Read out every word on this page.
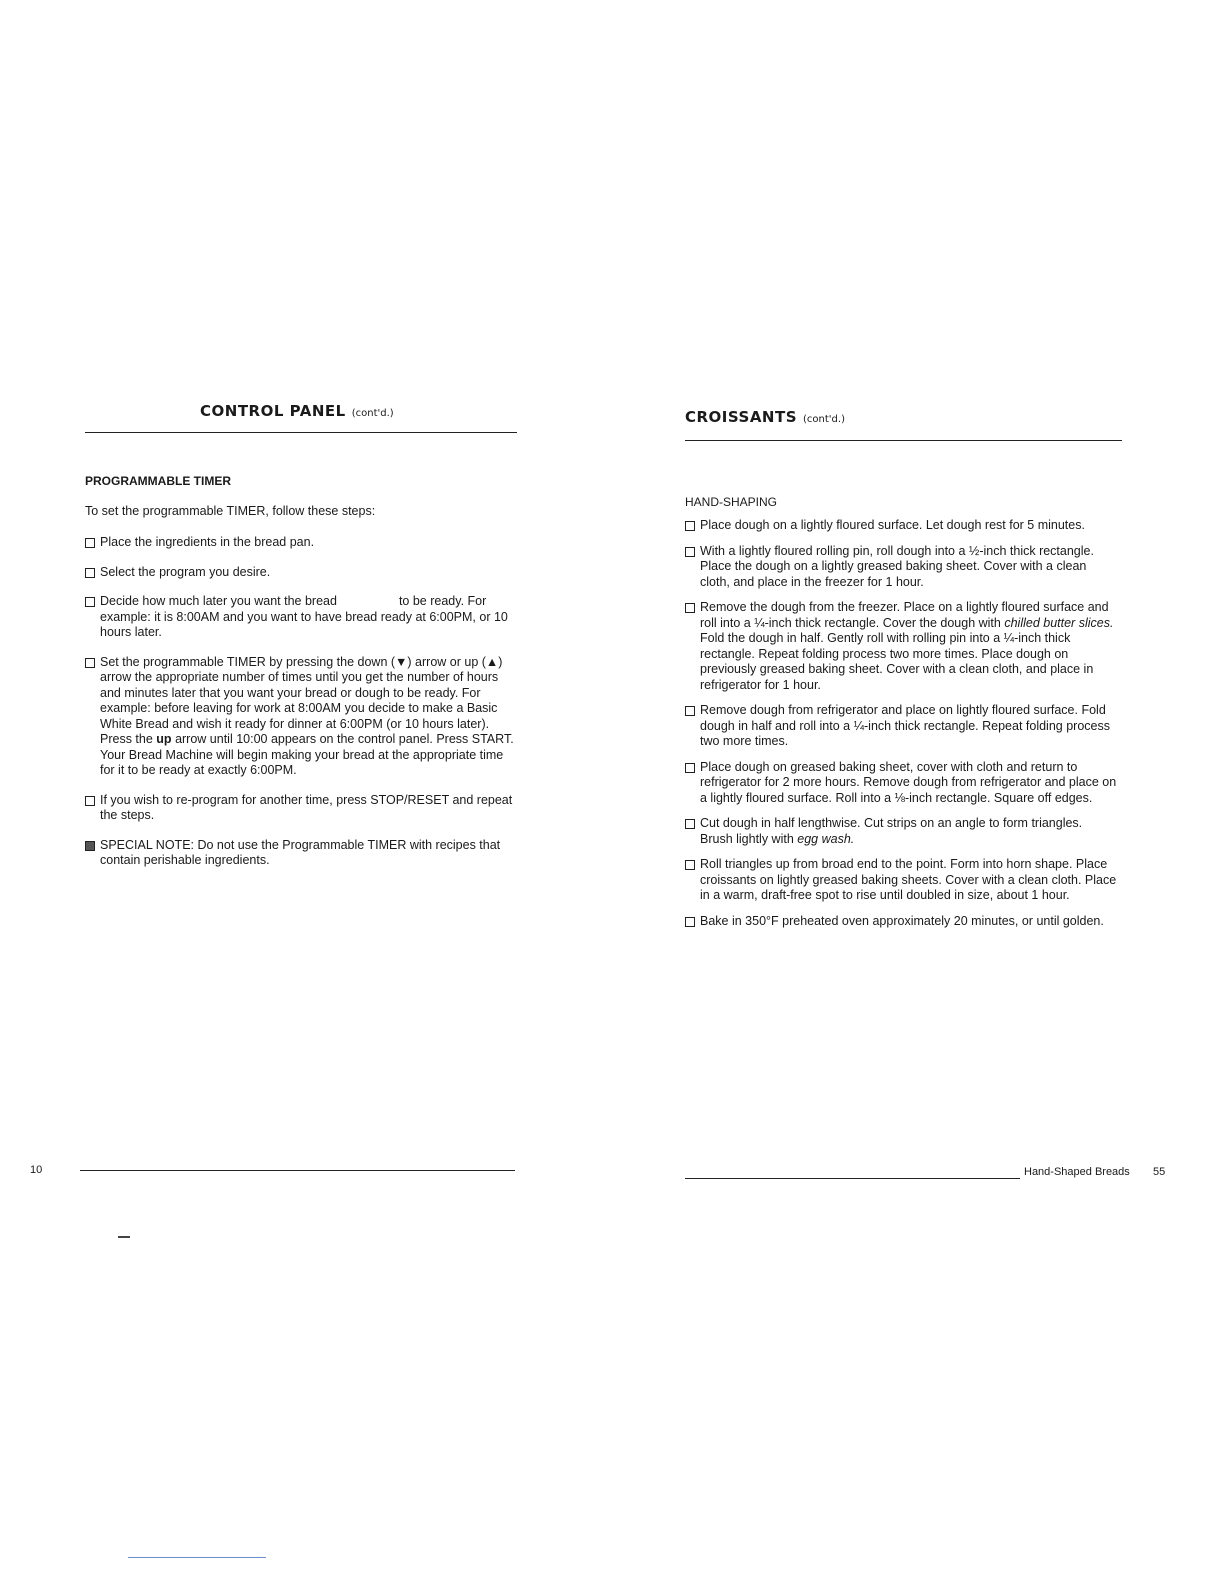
CONTROL PANEL (cont'd.)
PROGRAMMABLE TIMER
To set the programmable TIMER, follow these steps:
Place the ingredients in the bread pan.
Select the program you desire.
Decide how much later you want the bread	to be ready. For example: it is 8:00AM and you want to have bread ready at 6:00PM, or 10 hours later.
Set the programmable TIMER by pressing the down (▼) arrow or up (▲) arrow the appropriate number of times until you get the number of hours and minutes later that you want your bread or dough to be ready. For example: before leaving for work at 8:00AM you decide to make a Basic White Bread and wish it ready for dinner at 6:00PM (or 10 hours later). Press the up arrow until 10:00 appears on the control panel. Press START. Your Bread Machine will begin making your bread at the appropriate time for it to be ready at exactly 6:00PM.
If you wish to re-program for another time, press STOP/RESET and repeat the steps.
SPECIAL NOTE: Do not use the Programmable TIMER with recipes that contain perishable ingredients.
10
CROISSANTS (cont'd.)
HAND-SHAPING
Place dough on a lightly floured surface. Let dough rest for 5 minutes.
With a lightly floured rolling pin, roll dough into a ½-inch thick rectangle. Place the dough on a lightly greased baking sheet. Cover with a clean cloth, and place in the freezer for 1 hour.
Remove the dough from the freezer. Place on a lightly floured surface and roll into a ¼-inch thick rectangle. Cover the dough with chilled butter slices. Fold the dough in half. Gently roll with rolling pin into a ¼-inch thick rectangle. Repeat folding process two more times. Place dough on previously greased baking sheet. Cover with a clean cloth, and place in refrigerator for 1 hour.
Remove dough from refrigerator and place on lightly floured surface. Fold dough in half and roll into a ¼-inch thick rectangle. Repeat folding process two more times.
Place dough on greased baking sheet, cover with cloth and return to refrigerator for 2 more hours. Remove dough from refrigerator and place on a lightly floured surface. Roll into a ⅛-inch rectangle. Square off edges.
Cut dough in half lengthwise. Cut strips on an angle to form triangles. Brush lightly with egg wash.
Roll triangles up from broad end to the point. Form into horn shape. Place croissants on lightly greased baking sheets. Cover with a clean cloth. Place in a warm, draft-free spot to rise until doubled in size, about 1 hour.
Bake in 350°F preheated oven approximately 20 minutes, or until golden.
Hand-Shaped Breads 55
